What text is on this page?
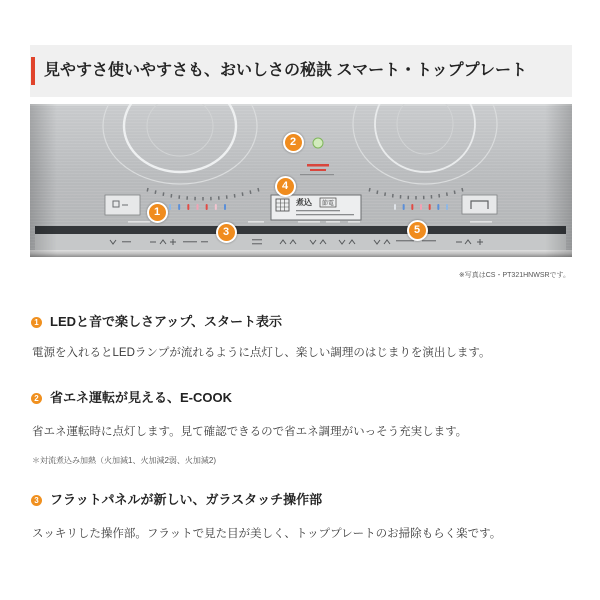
見やすさ使いやすさも、おいしさの秘訣 スマート・トッププレート
1
2
3
4
5
※写真はCS・PT321HNWSRです。
1 LEDと音で楽しさアップ、スタート表示
電源を入れるとLEDランプが流れるように点灯し、楽しい調理のはじまりを演出します。
2 省エネ運転が見える、E-COOK
省エネ運転時に点灯します。見て確認できるので省エネ調理がいっそう充実します。
＊対流煮込み加熱（火加減1、火加減2弱、火加減2)
3 フラットパネルが新しい、ガラスタッチ操作部
スッキリした操作部。フラットで見た目が美しく、トッププレートのお掃除もらく楽です。
